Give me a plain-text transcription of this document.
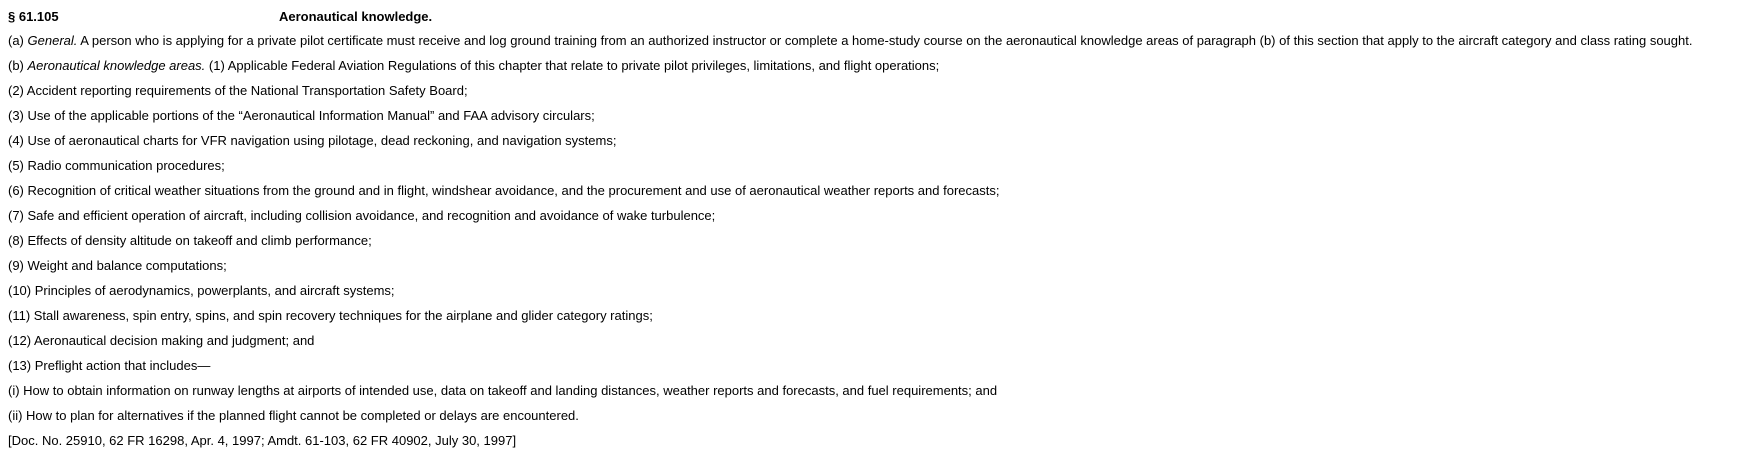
§ 61.105	Aeronautical knowledge.
(a) General. A person who is applying for a private pilot certificate must receive and log ground training from an authorized instructor or complete a home-study course on the aeronautical knowledge areas of paragraph (b) of this section that apply to the aircraft category and class rating sought.
(b) Aeronautical knowledge areas. (1) Applicable Federal Aviation Regulations of this chapter that relate to private pilot privileges, limitations, and flight operations;
(2) Accident reporting requirements of the National Transportation Safety Board;
(3) Use of the applicable portions of the “Aeronautical Information Manual” and FAA advisory circulars;
(4) Use of aeronautical charts for VFR navigation using pilotage, dead reckoning, and navigation systems;
(5) Radio communication procedures;
(6) Recognition of critical weather situations from the ground and in flight, windshear avoidance, and the procurement and use of aeronautical weather reports and forecasts;
(7) Safe and efficient operation of aircraft, including collision avoidance, and recognition and avoidance of wake turbulence;
(8) Effects of density altitude on takeoff and climb performance;
(9) Weight and balance computations;
(10) Principles of aerodynamics, powerplants, and aircraft systems;
(11) Stall awareness, spin entry, spins, and spin recovery techniques for the airplane and glider category ratings;
(12) Aeronautical decision making and judgment; and
(13) Preflight action that includes—
(i) How to obtain information on runway lengths at airports of intended use, data on takeoff and landing distances, weather reports and forecasts, and fuel requirements; and
(ii) How to plan for alternatives if the planned flight cannot be completed or delays are encountered.
[Doc. No. 25910, 62 FR 16298, Apr. 4, 1997; Amdt. 61-103, 62 FR 40902, July 30, 1997]
